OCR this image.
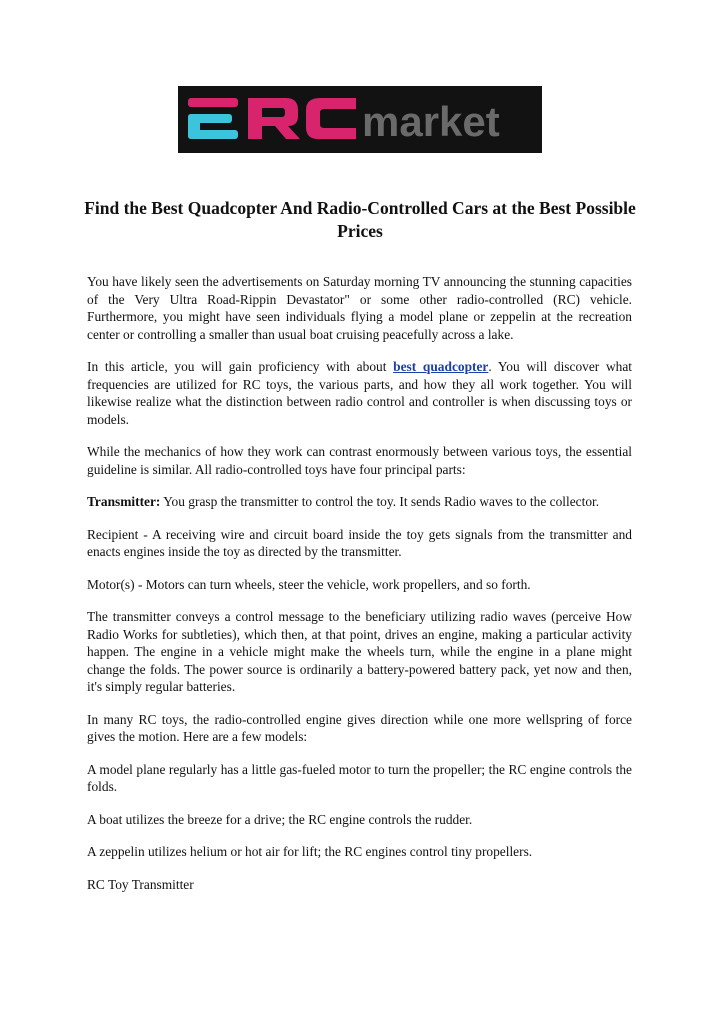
market
Find the Best Quadcopter And Radio-Controlled Cars at the Best Possible Prices

You have likely seen the advertisements on Saturday morning TV announcing the stunning capacities of the Very Ultra Road-Rippin Devastator" or some other radio-controlled (RC) vehicle. Furthermore, you might have seen individuals flying a model plane or zeppelin at the recreation center or controlling a smaller than usual boat cruising peacefully across a lake.

In this article, you will gain proficiency with about best quadcopter. You will discover what frequencies are utilized for RC toys, the various parts, and how they all work together. You will likewise realize what the distinction between radio control and controller is when discussing toys or models.

While the mechanics of how they work can contrast enormously between various toys, the essential guideline is similar. All radio-controlled toys have four principal parts:

Transmitter: You grasp the transmitter to control the toy. It sends Radio waves to the collector.

Recipient - A receiving wire and circuit board inside the toy gets signals from the transmitter and enacts engines inside the toy as directed by the transmitter.

Motor(s) - Motors can turn wheels, steer the vehicle, work propellers, and so forth.

The transmitter conveys a control message to the beneficiary utilizing radio waves (perceive How Radio Works for subtleties), which then, at that point, drives an engine, making a particular activity happen. The engine in a vehicle might make the wheels turn, while the engine in a plane might change the folds. The power source is ordinarily a battery-powered battery pack, yet now and then, it's simply regular batteries.

In many RC toys, the radio-controlled engine gives direction while one more wellspring of force gives the motion. Here are a few models:

A model plane regularly has a little gas-fueled motor to turn the propeller; the RC engine controls the folds.

A boat utilizes the breeze for a drive; the RC engine controls the rudder.

A zeppelin utilizes helium or hot air for lift; the RC engines control tiny propellers.

RC Toy Transmitter
